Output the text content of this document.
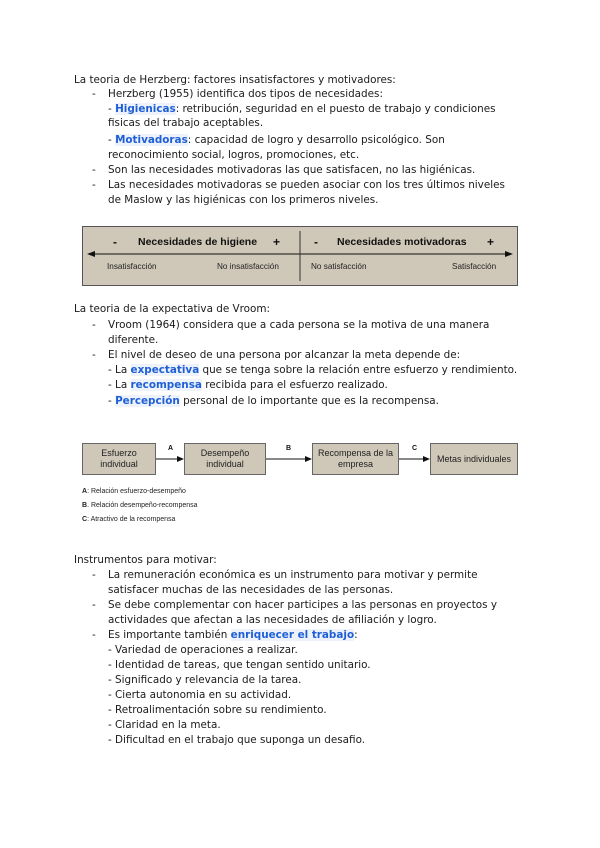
La teoria de Herzberg: factores insatisfactores y motivadores:
- Herzberg (1955) identifica dos tipos de necesidades:
- Higienicas: retribución, seguridad en el puesto de trabajo y condiciones
fisicas del trabajo aceptables.
- Motivadoras: capacidad de logro y desarrollo psicológico. Son
reconocimiento social, logros, promociones, etc.
- Son las necesidades motivadoras las que satisfacen, no las higiénicas.
- Las necesidades motivadoras se pueden asociar con los tres últimos niveles
de Maslow y las higiénicas con los primeros niveles.
- Necesidades de higiene +	- Necesidades motivadoras +
Insatisfacción	No insatisfacción	No satisfacción	Satisfacción
La teoria de la expectativa de Vroom:
- Vroom (1964) considera que a cada persona se la motiva de una manera
diferente.
- El nivel de deseo de una persona por alcanzar la meta depende de:
- La expectativa que se tenga sobre la relación entre esfuerzo y rendimiento.
- La recompensa recibida para el esfuerzo realizado.
- Percepción personal de lo importante que es la recompensa.
Esfuerzo individual
Desempeño individual
Recompensa de la empresa
Metas individuales
A	B	C
A: Relación esfuerzo-desempeño
B. Relación desempeño-recompensa
C: Atractivo de la recompensa
Instrumentos para motivar:
- La remuneración económica es un instrumento para motivar y permite
satisfacer muchas de las necesidades de las personas.
- Se debe complementar con hacer participes a las personas en proyectos y
actividades que afectan a las necesidades de afiliación y logro.
- Es importante también enriquecer el trabajo:
- Variedad de operaciones a realizar.
- Identidad de tareas, que tengan sentido unitario.
- Significado y relevancia de la tarea.
- Cierta autonomia en su actividad.
- Retroalimentación sobre su rendimiento.
- Claridad en la meta.
- Dificultad en el trabajo que suponga un desafio.
